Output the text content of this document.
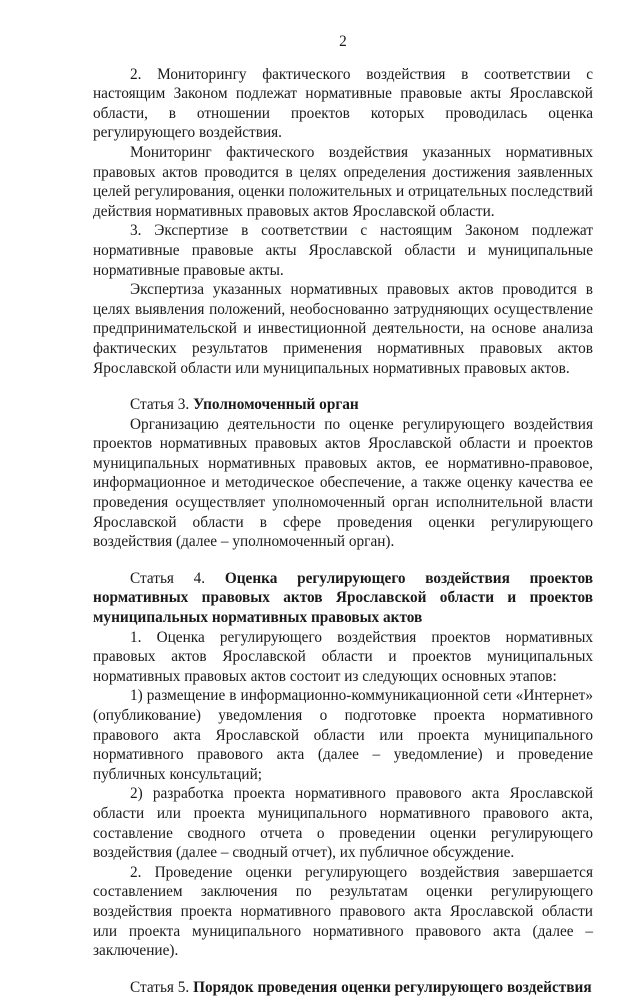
2

2. Мониторингу фактического воздействия в соответствии с настоящим Законом подлежат нормативные правовые акты Ярославской области, в отношении проектов которых проводилась оценка регулирующего воздействия.

Мониторинг фактического воздействия указанных нормативных правовых актов проводится в целях определения достижения заявленных целей регулирования, оценки положительных и отрицательных последствий действия нормативных правовых актов Ярославской области.

3. Экспертизе в соответствии с настоящим Законом подлежат нормативные правовые акты Ярославской области и муниципальные нормативные правовые акты.

Экспертиза указанных нормативных правовых актов проводится в целях выявления положений, необоснованно затрудняющих осуществление предпринимательской и инвестиционной деятельности, на основе анализа фактических результатов применения нормативных правовых актов Ярославской области или муниципальных нормативных правовых актов.

Статья 3. Уполномоченный орган

Организацию деятельности по оценке регулирующего воздействия проектов нормативных правовых актов Ярославской области и проектов муниципальных нормативных правовых актов, ее нормативно-правовое, информационное и методическое обеспечение, а также оценку качества ее проведения осуществляет уполномоченный орган исполнительной власти Ярославской области в сфере проведения оценки регулирующего воздействия (далее – уполномоченный орган).

Статья 4. Оценка регулирующего воздействия проектов нормативных правовых актов Ярославской области и проектов муниципальных нормативных правовых актов

1. Оценка регулирующего воздействия проектов нормативных правовых актов Ярославской области и проектов муниципальных нормативных правовых актов состоит из следующих основных этапов:

1) размещение в информационно-коммуникационной сети «Интернет» (опубликование) уведомления о подготовке проекта нормативного правового акта Ярославской области или проекта муниципального нормативного правового акта (далее – уведомление) и проведение публичных консультаций;

2) разработка проекта нормативного правового акта Ярославской области или проекта муниципального нормативного правового акта, составление сводного отчета о проведении оценки регулирующего воздействия (далее – сводный отчет), их публичное обсуждение.

2. Проведение оценки регулирующего воздействия завершается составлением заключения по результатам оценки регулирующего воздействия проекта нормативного правового акта Ярославской области или проекта муниципального нормативного правового акта (далее – заключение).

Статья 5. Порядок проведения оценки регулирующего воздействия
